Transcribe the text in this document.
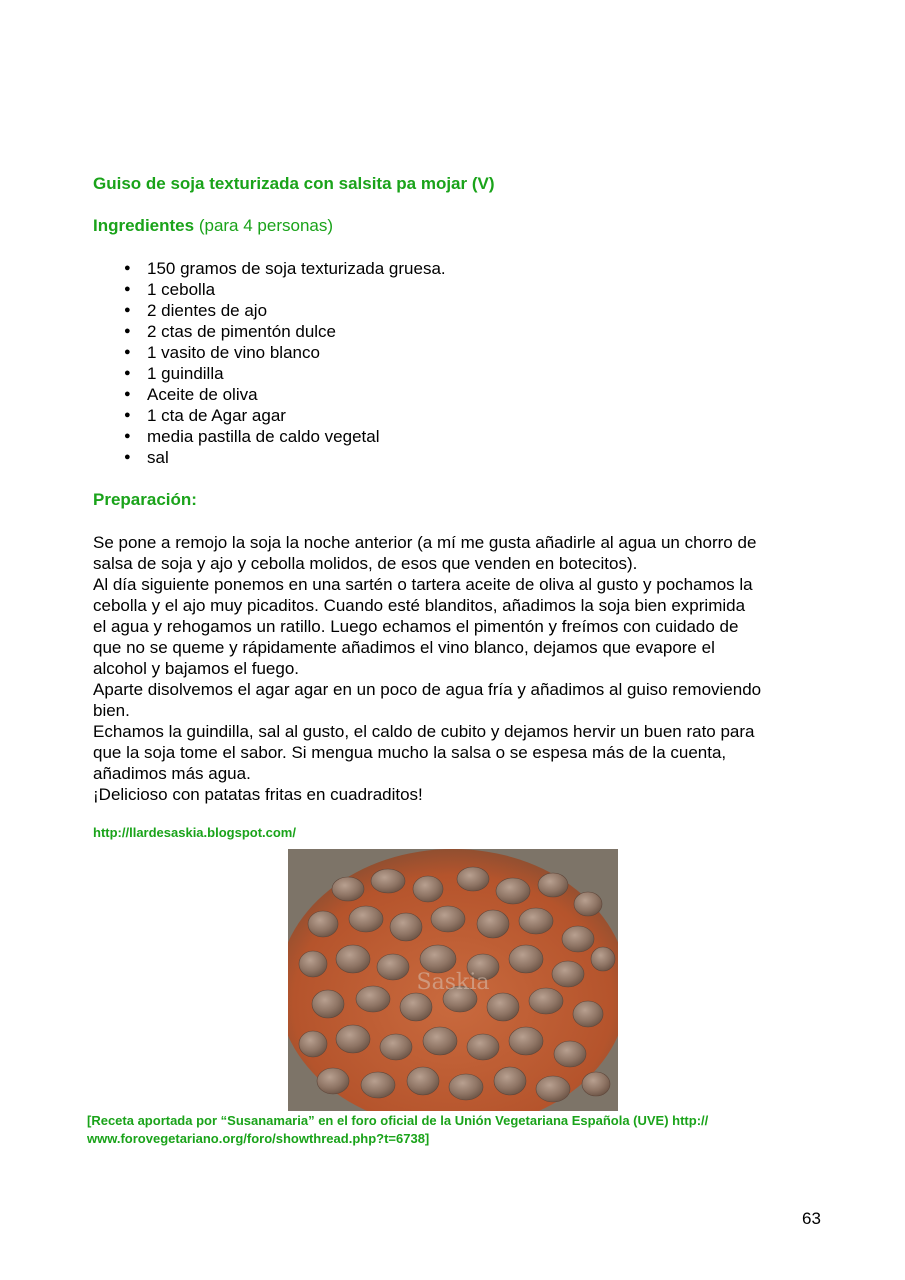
Guiso de soja texturizada con salsita pa mojar (V)
Ingredientes (para 4 personas)
● 150 gramos de soja texturizada gruesa.
● 1 cebolla
● 2 dientes de ajo
● 2 ctas de pimentón dulce
● 1 vasito de vino blanco
● 1 guindilla
● Aceite de oliva
● 1 cta de Agar agar
● media pastilla de caldo vegetal
● sal
Preparación:

Se pone a remojo la soja la noche anterior (a mí me gusta añadirle al agua un chorro de

salsa de soja y ajo y cebolla molidos, de esos que venden en botecitos).

Al día siguiente ponemos en una sartén o tartera aceite de oliva al gusto y pochamos la

cebolla y el ajo muy picaditos. Cuando esté blanditos, añadimos la soja bien exprimida

el agua y rehogamos un ratillo. Luego echamos el pimentón y freímos con cuidado de

que no se queme y rápidamente añadimos el vino blanco, dejamos que evapore el

alcohol y bajamos el fuego.

Aparte disolvemos el agar agar en un poco de agua fría y añadimos al guiso removiendo

bien.

Echamos la guindilla, sal al gusto, el caldo de cubito y dejamos hervir un buen rato para

que la soja tome el sabor. Si mengua mucho la salsa o se espesa más de la cuenta,

añadimos más agua.

¡Delicioso con patatas fritas en cuadraditos!

http://llardesaskia.blogspot.com/
Saskia

[Receta aportada por “Susanamaria” en el foro oficial de la Unión Vegetariana Española (UVE) http://

www.forovegetariano.org/foro/showthread.php?t=6738]

63
